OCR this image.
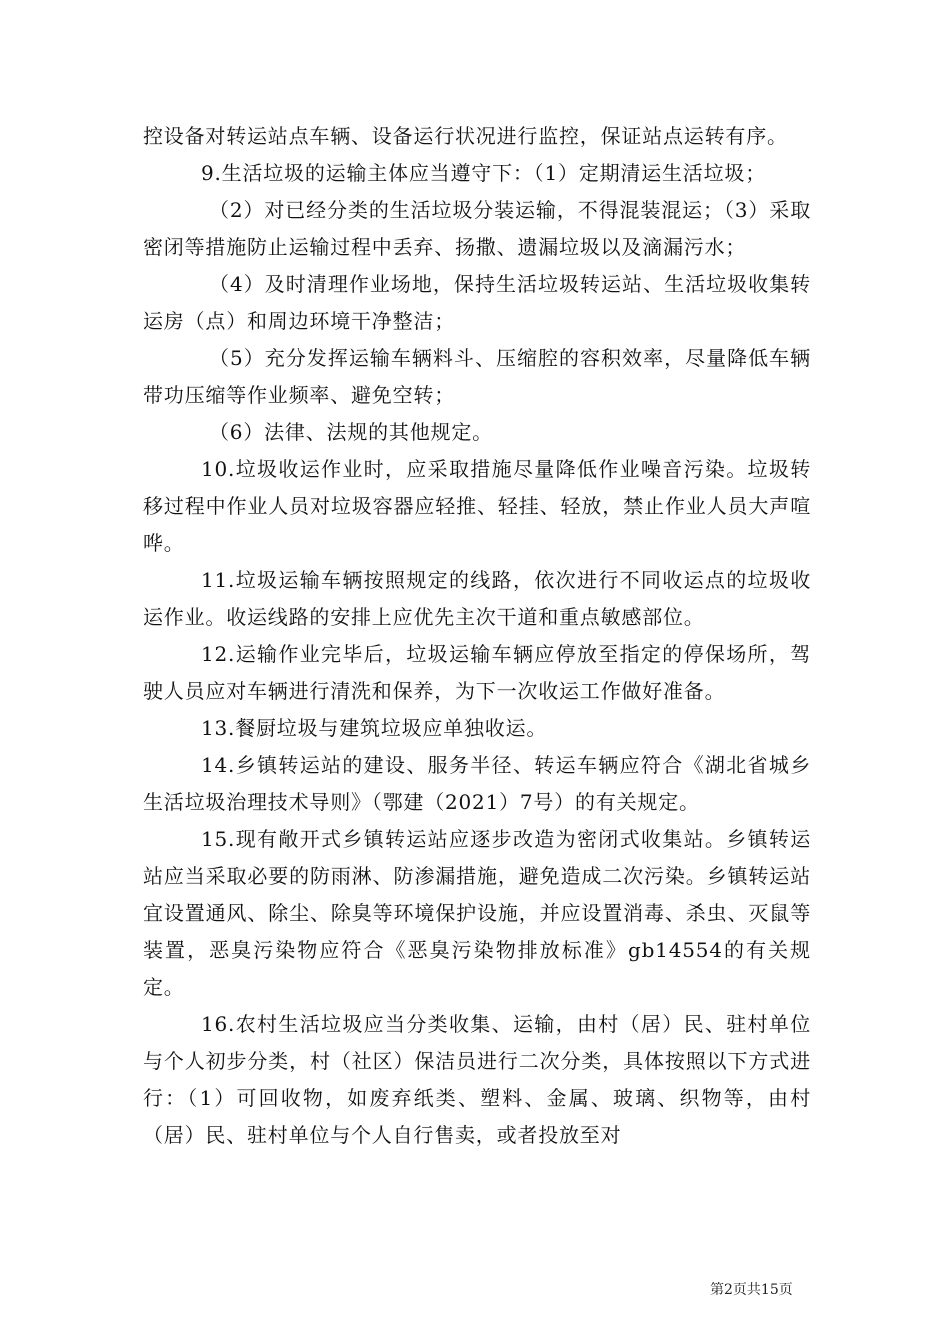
控设备对转运站点车辆、设备运行状况进行监控，保证站点运转有序。

9.生活垃圾的运输主体应当遵守下：（1）定期清运生活垃圾；

（2）对已经分类的生活垃圾分装运输，不得混装混运；（3）采取密闭等措施防止运输过程中丢弃、扬撒、遗漏垃圾以及滴漏污水；

（4）及时清理作业场地，保持生活垃圾转运站、生活垃圾收集转运房（点）和周边环境干净整洁；

（5）充分发挥运输车辆料斗、压缩腔的容积效率，尽量降低车辆带功压缩等作业频率、避免空转；

（6）法律、法规的其他规定。

10.垃圾收运作业时，应采取措施尽量降低作业噪音污染。垃圾转移过程中作业人员对垃圾容器应轻推、轻挂、轻放，禁止作业人员大声喧哗。

11.垃圾运输车辆按照规定的线路，依次进行不同收运点的垃圾收运作业。收运线路的安排上应优先主次干道和重点敏感部位。

12.运输作业完毕后，垃圾运输车辆应停放至指定的停保场所，驾驶人员应对车辆进行清洗和保养，为下一次收运工作做好准备。

13.餐厨垃圾与建筑垃圾应单独收运。

14.乡镇转运站的建设、服务半径、转运车辆应符合《湖北省城乡生活垃圾治理技术导则》（鄂建（2021）7号）的有关规定。

15.现有敞开式乡镇转运站应逐步改造为密闭式收集站。乡镇转运站应当采取必要的防雨淋、防渗漏措施，避免造成二次污染。乡镇转运站宜设置通风、除尘、除臭等环境保护设施，并应设置消毒、杀虫、灭鼠等装置，恶臭污染物应符合《恶臭污染物排放标准》gb14554的有关规定。

16.农村生活垃圾应当分类收集、运输，由村（居）民、驻村单位与个人初步分类，村（社区）保洁员进行二次分类，具体按照以下方式进行：（1）可回收物，如废弃纸类、塑料、金属、玻璃、织物等，由村（居）民、驻村单位与个人自行售卖，或者投放至对

第2页共15页
